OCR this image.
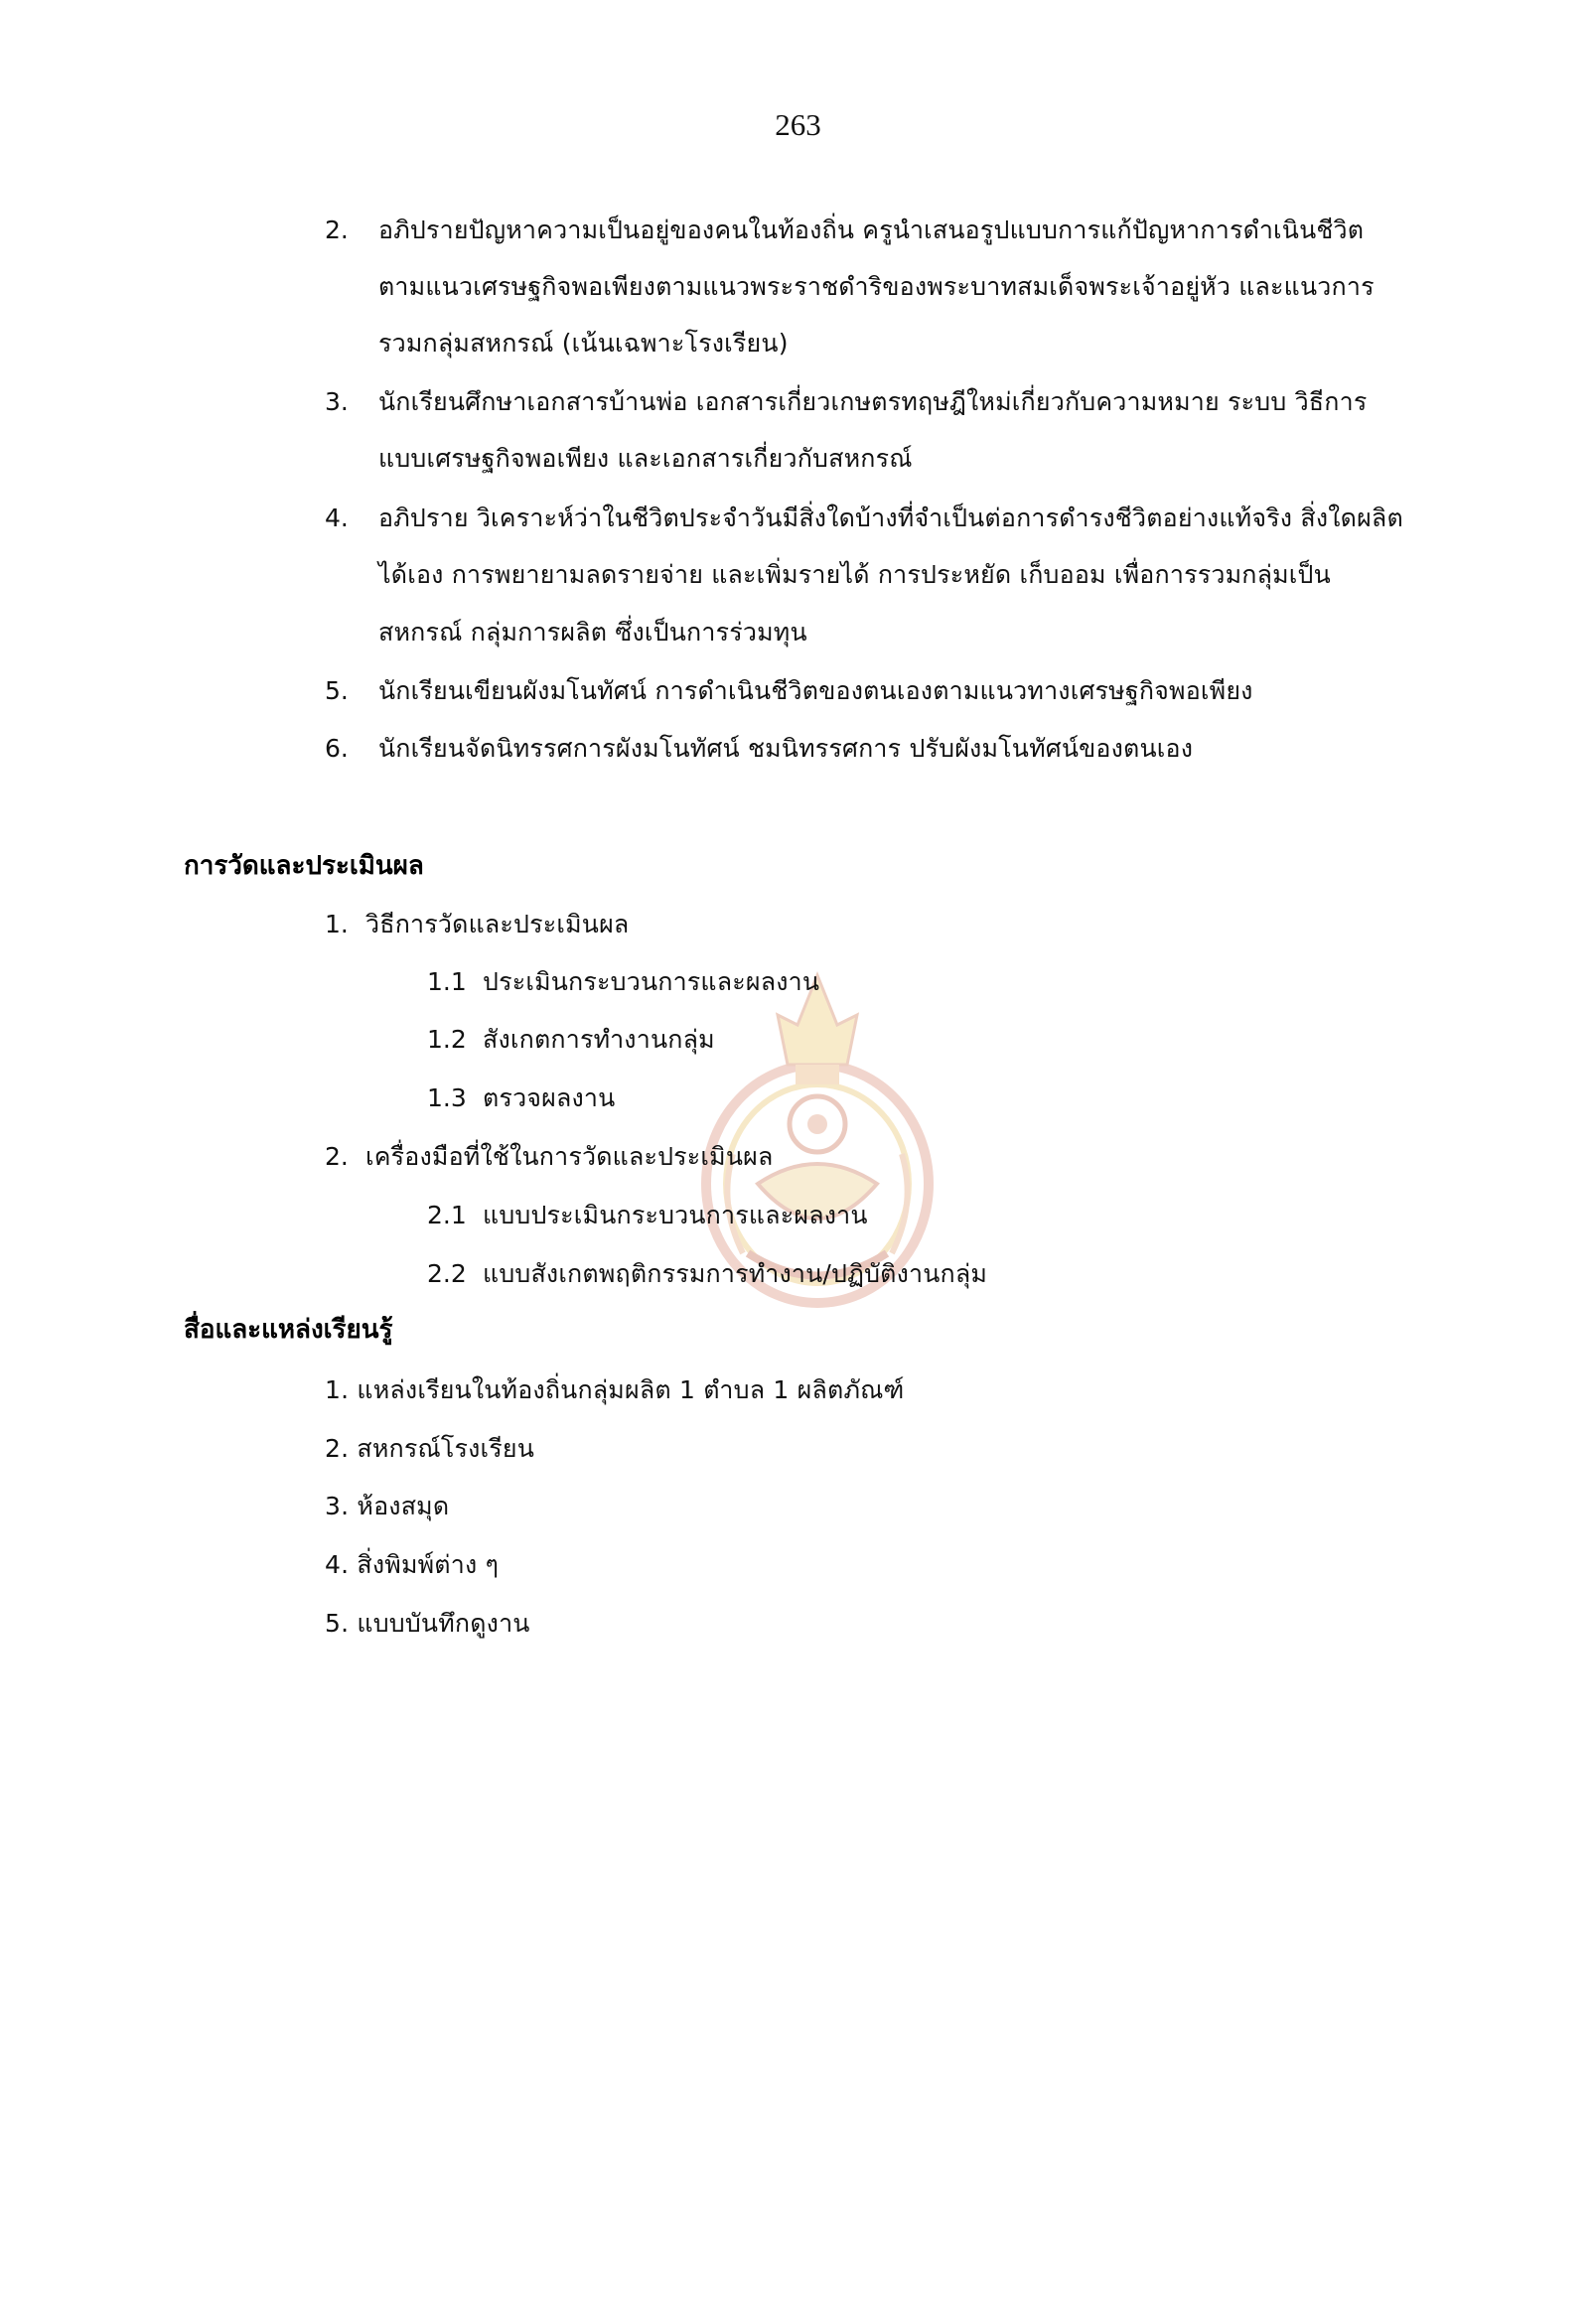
263
2. อภิปรายปัญหาความเป็นอยู่ของคนในท้องถิ่น ครูนำเสนอรูปแบบการแก้ปัญหาการดำเนินชีวิต
ตามแนวเศรษฐกิจพอเพียงตามแนวพระราชดำริของพระบาทสมเด็จพระเจ้าอยู่หัว และแนวการ
รวมกลุ่มสหกรณ์ (เน้นเฉพาะโรงเรียน)
3. นักเรียนศึกษาเอกสารบ้านพ่อ เอกสารเกี่ยวเกษตรทฤษฎีใหม่เกี่ยวกับความหมาย ระบบ วิธีการ
แบบเศรษฐกิจพอเพียง และเอกสารเกี่ยวกับสหกรณ์
4. อภิปราย วิเคราะห์ว่าในชีวิตประจำวันมีสิ่งใดบ้างที่จำเป็นต่อการดำรงชีวิตอย่างแท้จริง สิ่งใดผลิต
ได้เอง การพยายามลดรายจ่าย และเพิ่มรายได้ การประหยัด เก็บออม เพื่อการรวมกลุ่มเป็น
สหกรณ์ กลุ่มการผลิต ซึ่งเป็นการร่วมทุน
5. นักเรียนเขียนผังมโนทัศน์ การดำเนินชีวิตของตนเองตามแนวทางเศรษฐกิจพอเพียง
6. นักเรียนจัดนิทรรศการผังมโนทัศน์ ชมนิทรรศการ ปรับผังมโนทัศน์ของตนเอง
การวัดและประเมินผล
1. วิธีการวัดและประเมินผล
1.1 ประเมินกระบวนการและผลงาน
1.2 สังเกตการทำงานกลุ่ม
1.3 ตรวจผลงาน
2. เครื่องมือที่ใช้ในการวัดและประเมินผล
2.1 แบบประเมินกระบวนการและผลงาน
2.2 แบบสังเกตพฤติกรรมการทำงาน/ปฏิบัติงานกลุ่ม
สื่อและแหล่งเรียนรู้
1. แหล่งเรียนในท้องถิ่นกลุ่มผลิต 1 ตำบล 1 ผลิตภัณฑ์
2. สหกรณ์โรงเรียน
3. ห้องสมุด
4. สิ่งพิมพ์ต่าง ๆ
5. แบบบันทึกดูงาน
